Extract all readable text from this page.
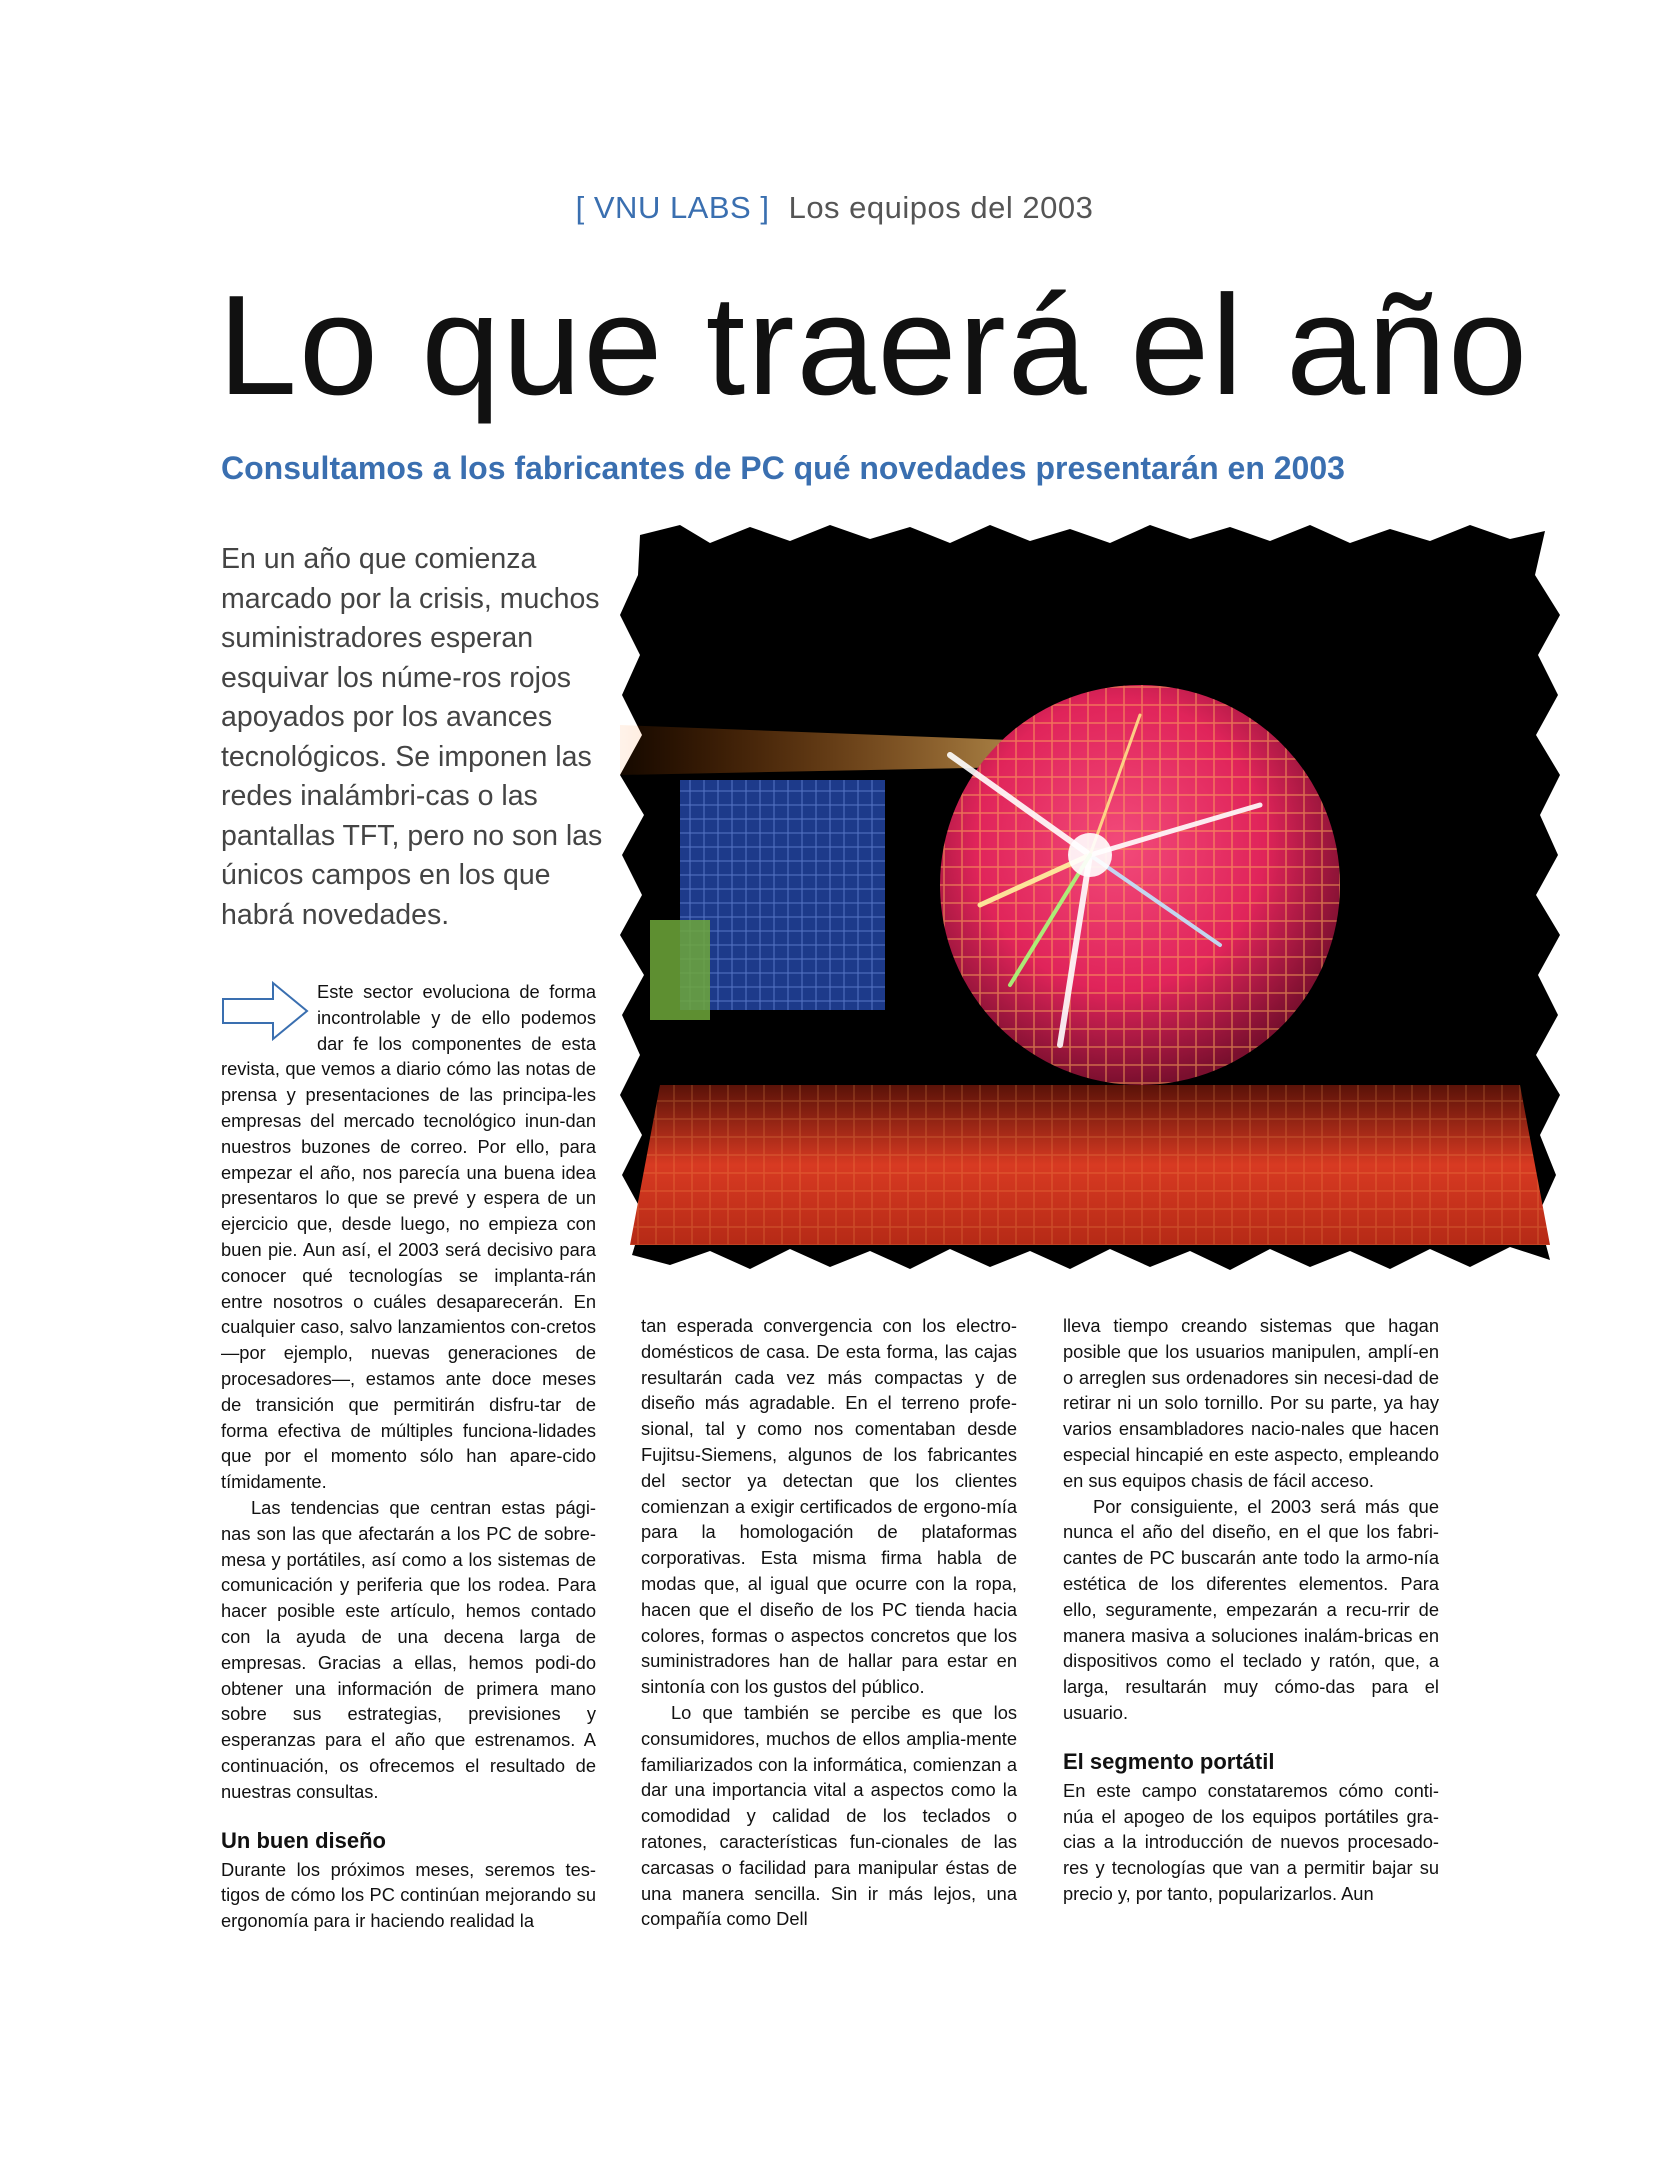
[ VNU LABS ] Los equipos del 2003
Lo que traerá el año
Consultamos a los fabricantes de PC qué novedades presentarán en 2003

En un año que comienza marcado por la crisis, muchos suministradores esperan esquivar los núme-ros rojos apoyados por los avances tecnológicos. Se imponen las redes inalámbri-cas o las pantallas TFT, pero no son las únicos campos en los que habrá novedades.

Este sector evoluciona de forma incontrolable y de ello podemos dar fe los componentes de esta revista, que vemos a diario cómo las notas de prensa y presentaciones de las principa-les empresas del mercado tecnológico inun-dan nuestros buzones de correo. Por ello, para empezar el año, nos parecía una buena idea presentaros lo que se prevé y espera de un ejercicio que, desde luego, no empieza con buen pie. Aun así, el 2003 será decisivo para conocer qué tecnologías se implanta-rán entre nosotros o cuáles desaparecerán. En cualquier caso, salvo lanzamientos con-cretos —por ejemplo, nuevas generaciones de procesadores—, estamos ante doce meses de transición que permitirán disfru-tar de forma efectiva de múltiples funciona-lidades que por el momento sólo han apare-cido tímidamente.

Las tendencias que centran estas pági-nas son las que afectarán a los PC de sobre-mesa y portátiles, así como a los sistemas de comunicación y periferia que los rodea. Para hacer posible este artículo, hemos contado con la ayuda de una decena larga de empresas. Gracias a ellas, hemos podi-do obtener una información de primera mano sobre sus estrategias, previsiones y esperanzas para el año que estrenamos. A continuación, os ofrecemos el resultado de nuestras consultas.

Un buen diseño

Durante los próximos meses, seremos tes-tigos de cómo los PC continúan mejorando su ergonomía para ir haciendo realidad la

tan esperada convergencia con los electro-domésticos de casa. De esta forma, las cajas resultarán cada vez más compactas y de diseño más agradable. En el terreno profe-sional, tal y como nos comentaban desde Fujitsu-Siemens, algunos de los fabricantes del sector ya detectan que los clientes comienzan a exigir certificados de ergono-mía para la homologación de plataformas corporativas. Esta misma firma habla de modas que, al igual que ocurre con la ropa, hacen que el diseño de los PC tienda hacia colores, formas o aspectos concretos que los suministradores han de hallar para estar en sintonía con los gustos del público.

Lo que también se percibe es que los consumidores, muchos de ellos amplia-mente familiarizados con la informática, comienzan a dar una importancia vital a aspectos como la comodidad y calidad de los teclados o ratones, características fun-cionales de las carcasas o facilidad para manipular éstas de una manera sencilla. Sin ir más lejos, una compañía como Dell

lleva tiempo creando sistemas que hagan posible que los usuarios manipulen, amplí-en o arreglen sus ordenadores sin necesi-dad de retirar ni un solo tornillo. Por su parte, ya hay varios ensambladores nacio-nales que hacen especial hincapié en este aspecto, empleando en sus equipos chasis de fácil acceso.

Por consiguiente, el 2003 será más que nunca el año del diseño, en el que los fabri-cantes de PC buscarán ante todo la armo-nía estética de los diferentes elementos. Para ello, seguramente, empezarán a recu-rrir de manera masiva a soluciones inalám-bricas en dispositivos como el teclado y ratón, que, a larga, resultarán muy cómo-das para el usuario.

El segmento portátil

En este campo constataremos cómo conti-núa el apogeo de los equipos portátiles gra-cias a la introducción de nuevos procesado-res y tecnologías que van a permitir bajar su precio y, por tanto, popularizarlos. Aun
